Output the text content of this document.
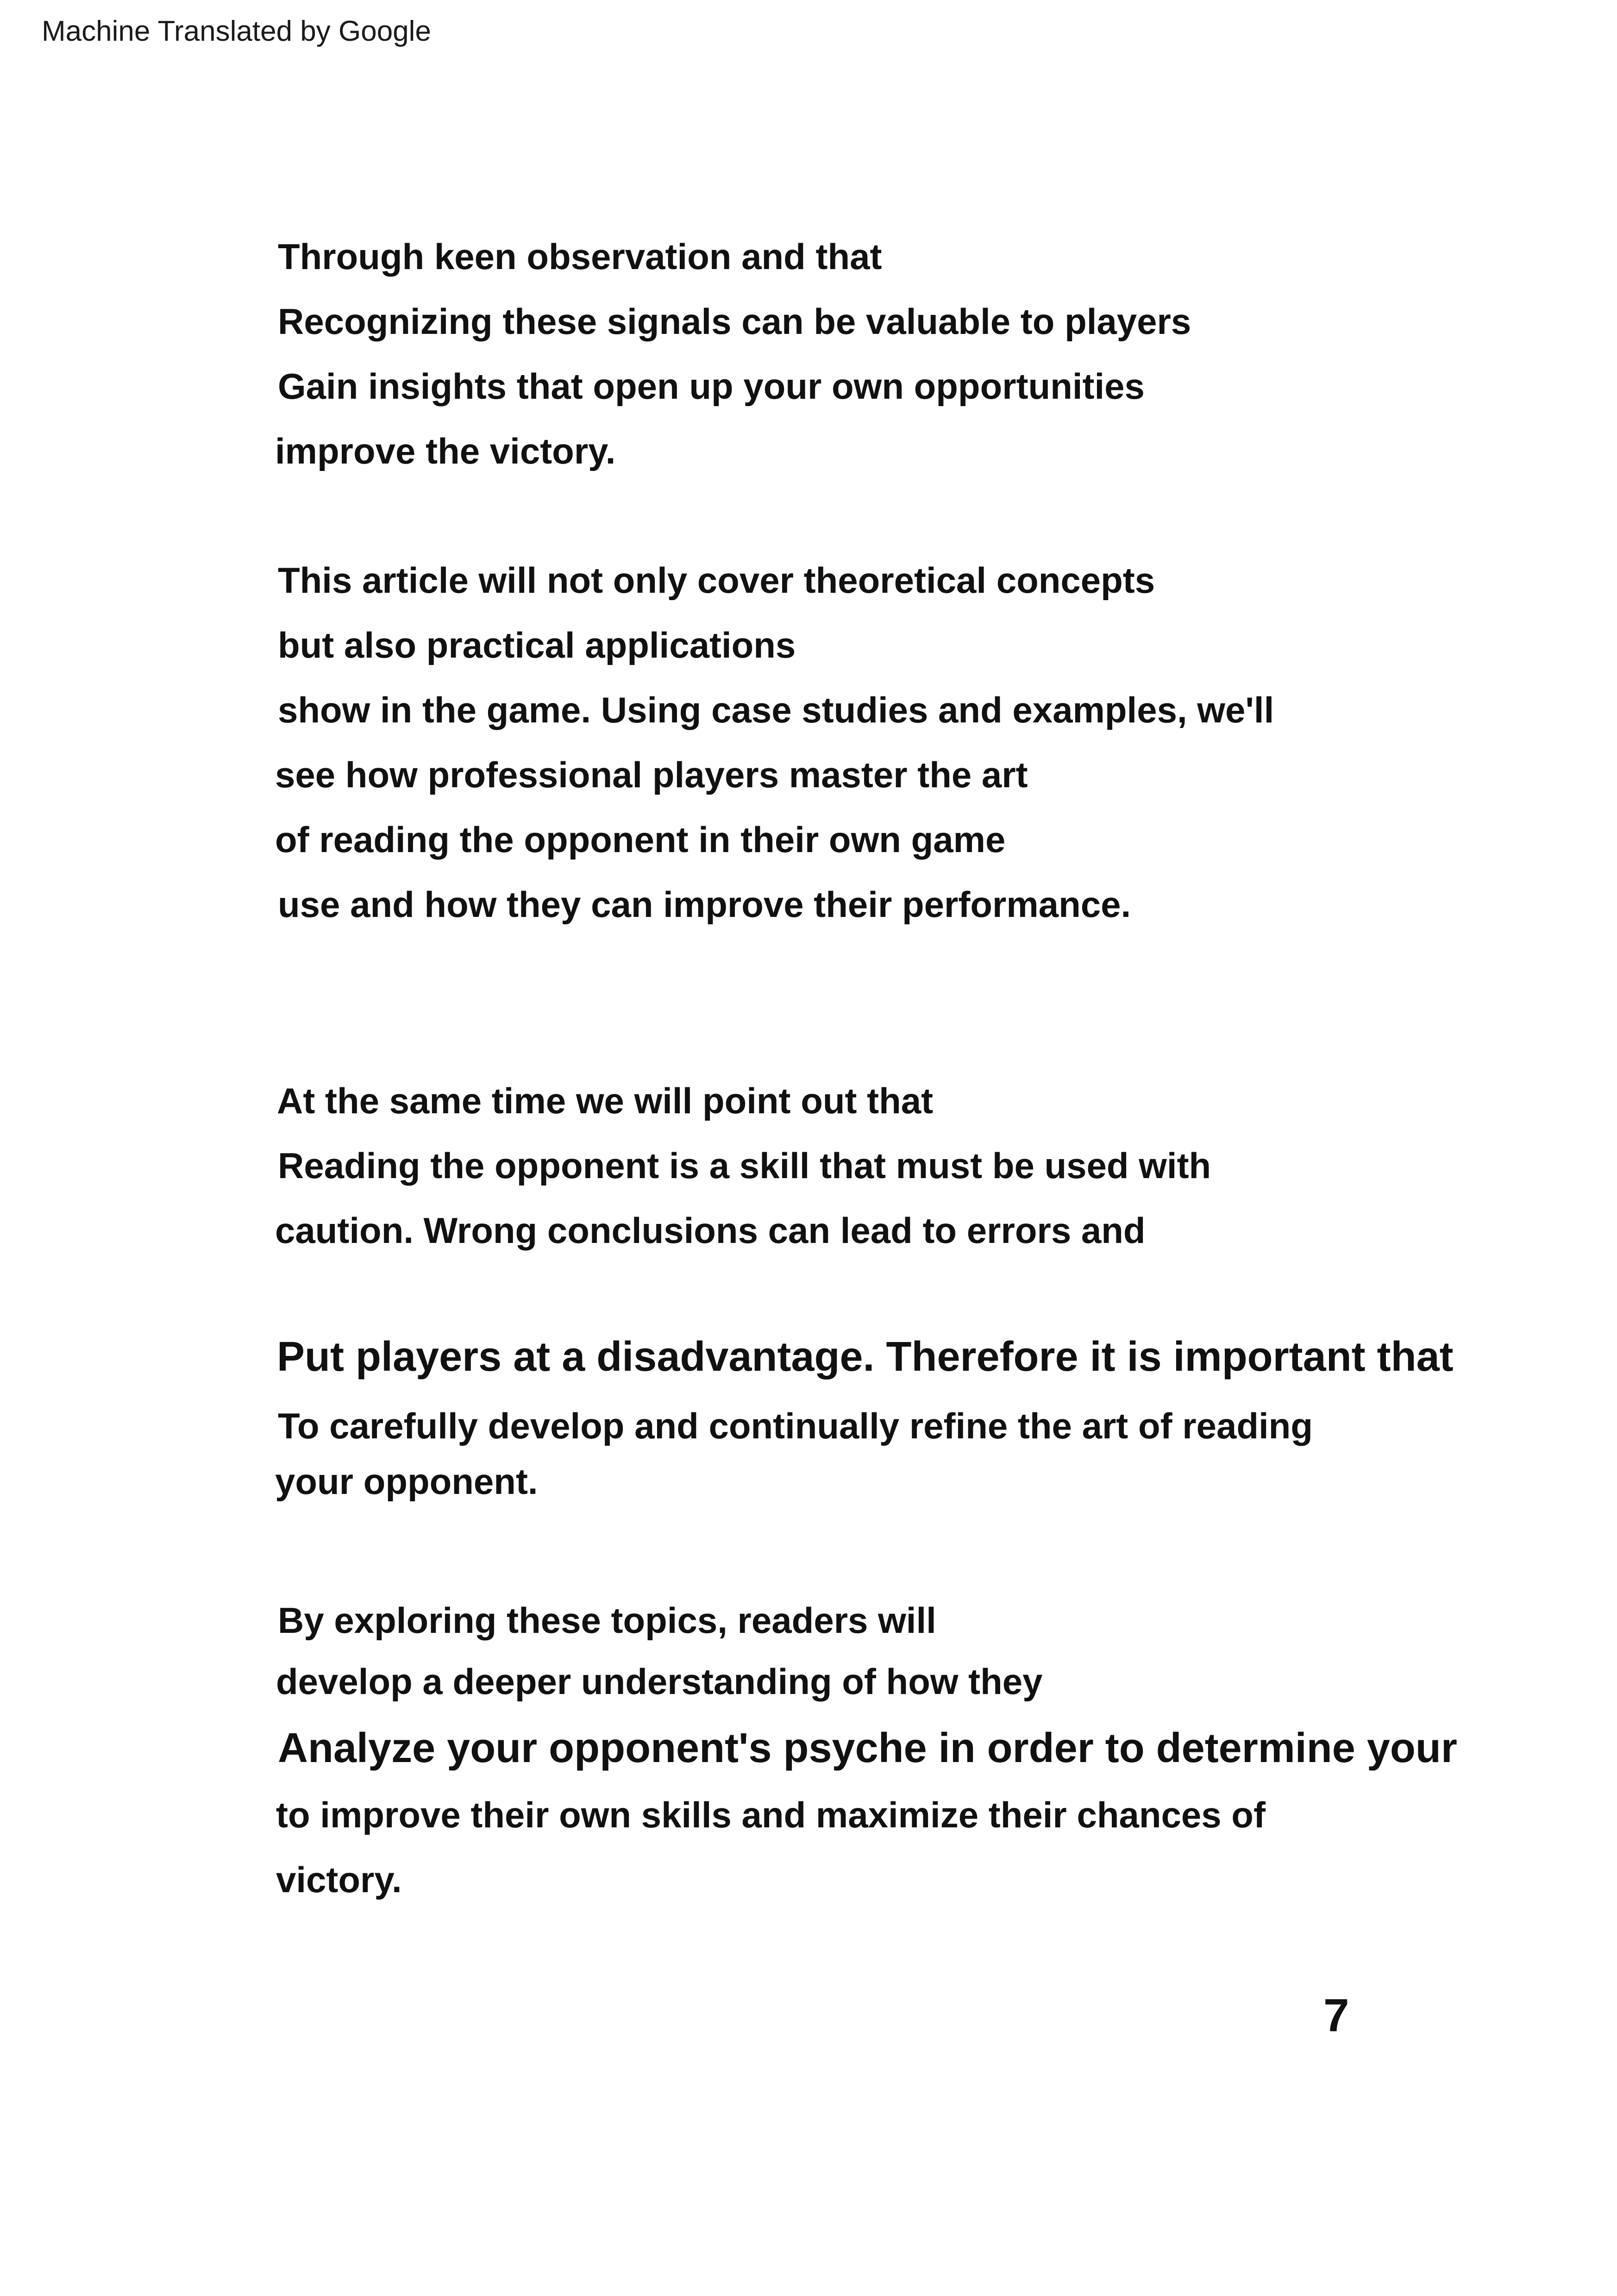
Machine Translated by Google
Through keen observation and that
Recognizing these signals can be valuable to players
Gain insights that open up your own opportunities
improve the victory.
This article will not only cover theoretical concepts
but also practical applications
show in the game. Using case studies and examples, we'll
see how professional players master the art
of reading the opponent in their own game
use and how they can improve their performance.
At the same time we will point out that
Reading the opponent is a skill that must be used with
caution. Wrong conclusions can lead to errors and
Put players at a disadvantage. Therefore it is important that
To carefully develop and continually refine the art of reading
your opponent.
By exploring these topics, readers will
develop a deeper understanding of how they
Analyze your opponent's psyche in order to determine your
to improve their own skills and maximize their chances of
victory.
7
